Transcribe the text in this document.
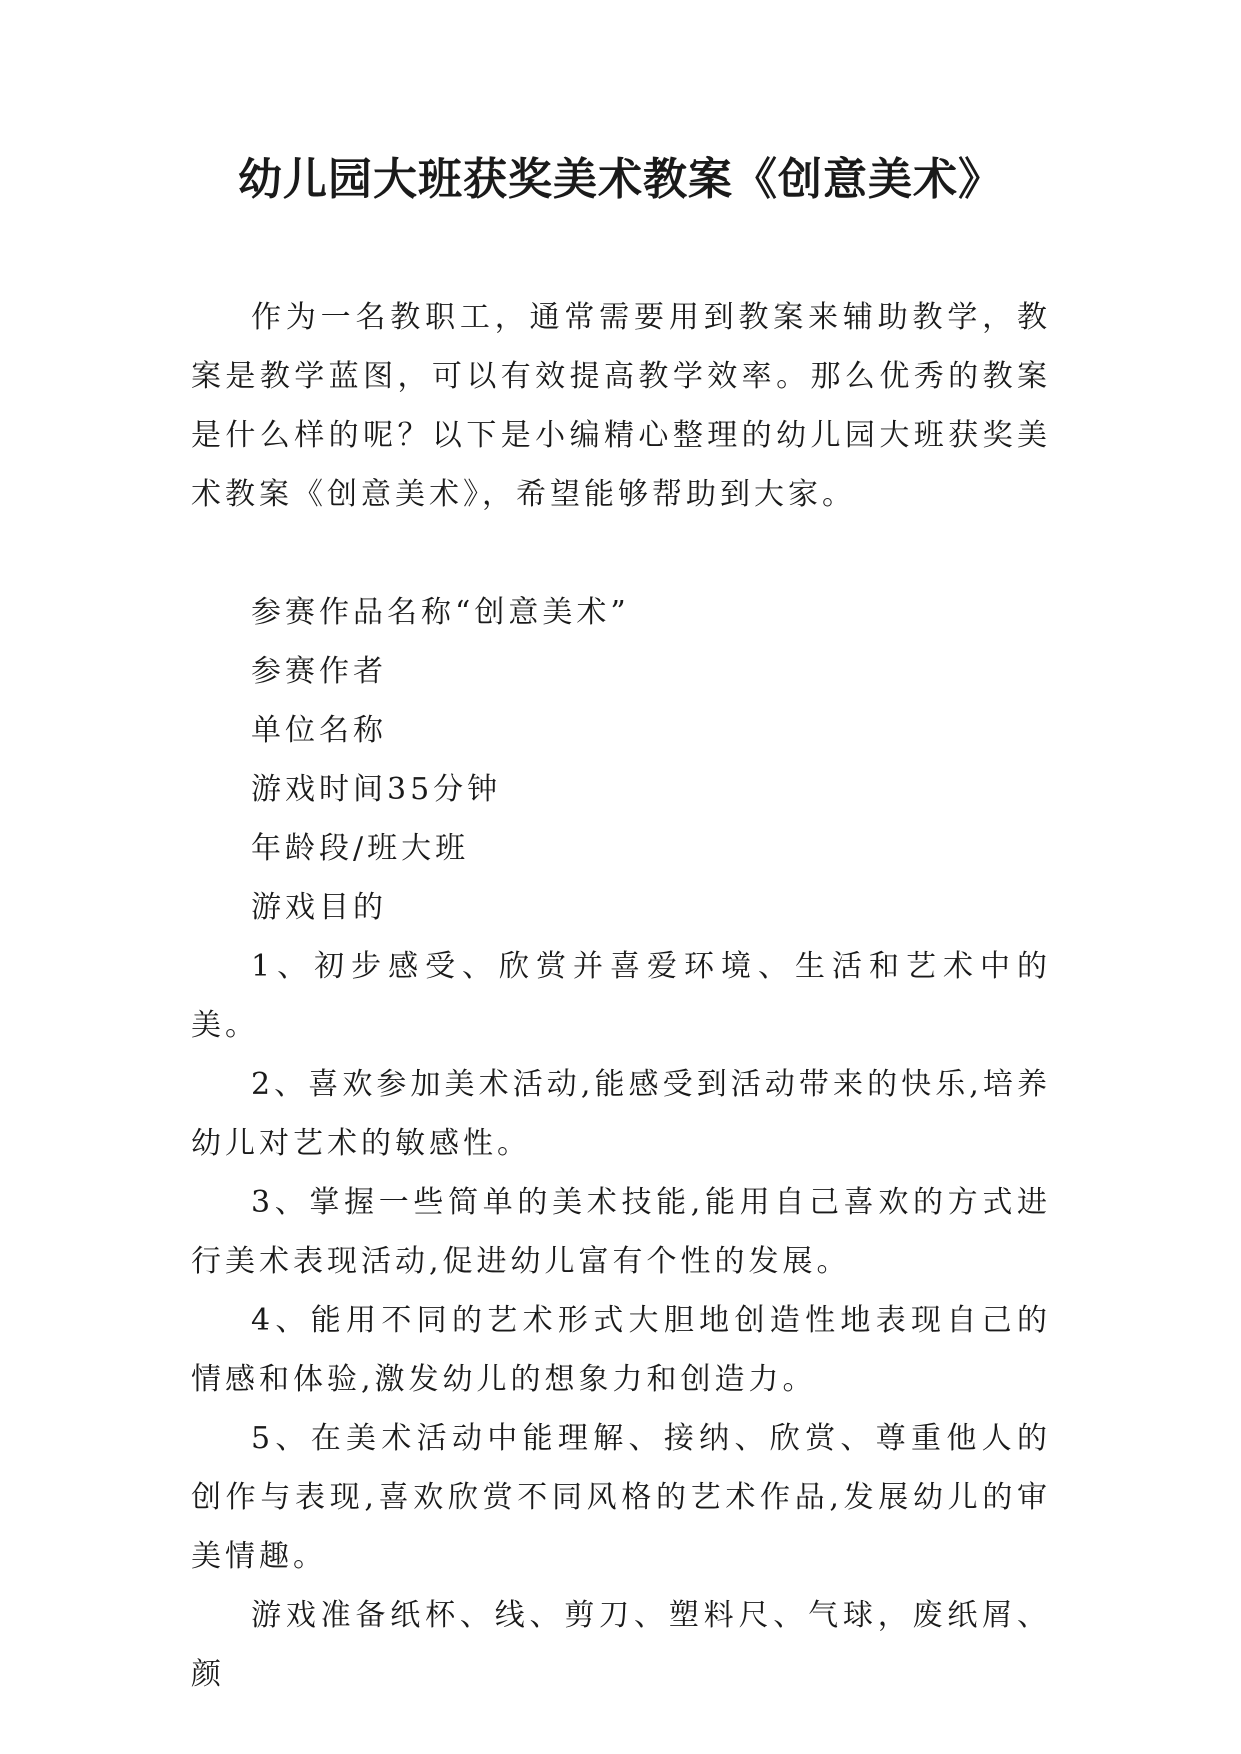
幼儿园大班获奖美术教案《创意美术》

作为一名教职工，通常需要用到教案来辅助教学，教案是教学蓝图，可以有效提高教学效率。那么优秀的教案是什么样的呢？以下是小编精心整理的幼儿园大班获奖美术教案《创意美术》，希望能够帮助到大家。

参赛作品名称“创意美术”

参赛作者

单位名称

游戏时间35分钟

年龄段/班大班

游戏目的

1、初步感受、欣赏并喜爱环境、生活和艺术中的美。

2、喜欢参加美术活动,能感受到活动带来的快乐,培养幼儿对艺术的敏感性。

3、掌握一些简单的美术技能,能用自己喜欢的方式进行美术表现活动,促进幼儿富有个性的发展。

4、能用不同的艺术形式大胆地创造性地表现自己的情感和体验,激发幼儿的想象力和创造力。

5、在美术活动中能理解、接纳、欣赏、尊重他人的创作与表现,喜欢欣赏不同风格的艺术作品,发展幼儿的审美情趣。

游戏准备纸杯、线、剪刀、塑料尺、气球，废纸屑、颜
